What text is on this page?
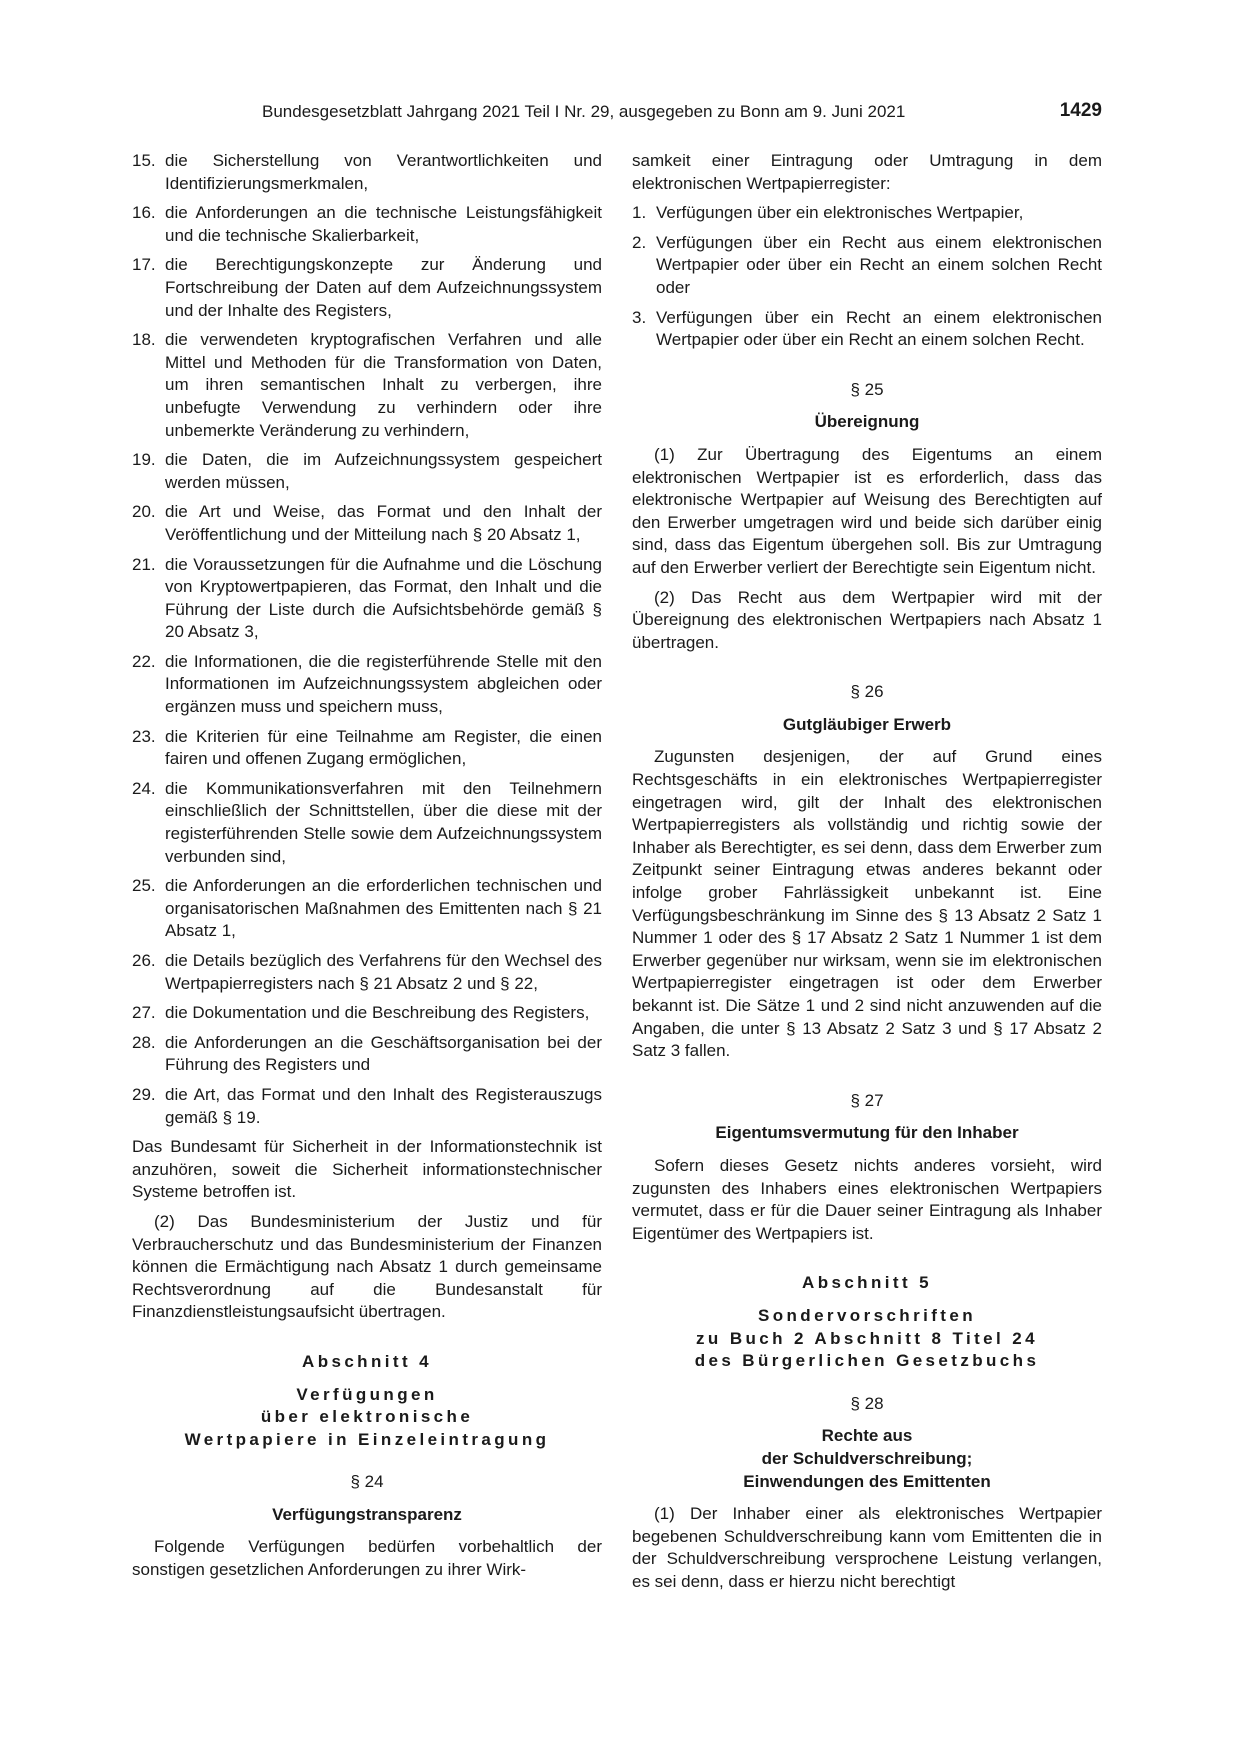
Bundesgesetzblatt Jahrgang 2021 Teil I Nr. 29, ausgegeben zu Bonn am 9. Juni 2021	1429
15. die Sicherstellung von Verantwortlichkeiten und Identifizierungsmerkmalen,
16. die Anforderungen an die technische Leistungsfähigkeit und die technische Skalierbarkeit,
17. die Berechtigungskonzepte zur Änderung und Fortschreibung der Daten auf dem Aufzeichnungssystem und der Inhalte des Registers,
18. die verwendeten kryptografischen Verfahren und alle Mittel und Methoden für die Transformation von Daten, um ihren semantischen Inhalt zu verbergen, ihre unbefugte Verwendung zu verhindern oder ihre unbemerkte Veränderung zu verhindern,
19. die Daten, die im Aufzeichnungssystem gespeichert werden müssen,
20. die Art und Weise, das Format und den Inhalt der Veröffentlichung und der Mitteilung nach § 20 Absatz 1,
21. die Voraussetzungen für die Aufnahme und die Löschung von Kryptowertpapieren, das Format, den Inhalt und die Führung der Liste durch die Aufsichtsbehörde gemäß § 20 Absatz 3,
22. die Informationen, die die registerführende Stelle mit den Informationen im Aufzeichnungssystem abgleichen oder ergänzen muss und speichern muss,
23. die Kriterien für eine Teilnahme am Register, die einen fairen und offenen Zugang ermöglichen,
24. die Kommunikationsverfahren mit den Teilnehmern einschließlich der Schnittstellen, über die diese mit der registerführenden Stelle sowie dem Aufzeichnungssystem verbunden sind,
25. die Anforderungen an die erforderlichen technischen und organisatorischen Maßnahmen des Emittenten nach § 21 Absatz 1,
26. die Details bezüglich des Verfahrens für den Wechsel des Wertpapierregisters nach § 21 Absatz 2 und § 22,
27. die Dokumentation und die Beschreibung des Registers,
28. die Anforderungen an die Geschäftsorganisation bei der Führung des Registers und
29. die Art, das Format und den Inhalt des Registerauszugs gemäß § 19.

Das Bundesamt für Sicherheit in der Informationstechnik ist anzuhören, soweit die Sicherheit informationstechnischer Systeme betroffen ist.

(2) Das Bundesministerium der Justiz und für Verbraucherschutz und das Bundesministerium der Finanzen können die Ermächtigung nach Absatz 1 durch gemeinsame Rechtsverordnung auf die Bundesanstalt für Finanzdienstleistungsaufsicht übertragen.

Abschnitt 4
Verfügungen
über elektronische
Wertpapiere in Einzeleintragung
§ 24
Verfügungstransparenz

Folgende Verfügungen bedürfen vorbehaltlich der sonstigen gesetzlichen Anforderungen zu ihrer Wirk-

samkeit einer Eintragung oder Umtragung in dem elektronischen Wertpapierregister:

1. Verfügungen über ein elektronisches Wertpapier,
2. Verfügungen über ein Recht aus einem elektronischen Wertpapier oder über ein Recht an einem solchen Recht oder
3. Verfügungen über ein Recht an einem elektronischen Wertpapier oder über ein Recht an einem solchen Recht.
§ 25
Übereignung

(1) Zur Übertragung des Eigentums an einem elektronischen Wertpapier ist es erforderlich, dass das elektronische Wertpapier auf Weisung des Berechtigten auf den Erwerber umgetragen wird und beide sich darüber einig sind, dass das Eigentum übergehen soll. Bis zur Umtragung auf den Erwerber verliert der Berechtigte sein Eigentum nicht.

(2) Das Recht aus dem Wertpapier wird mit der Übereignung des elektronischen Wertpapiers nach Absatz 1 übertragen.

§ 26
Gutgläubiger Erwerb

Zugunsten desjenigen, der auf Grund eines Rechtsgeschäfts in ein elektronisches Wertpapierregister eingetragen wird, gilt der Inhalt des elektronischen Wertpapierregisters als vollständig und richtig sowie der Inhaber als Berechtigter, es sei denn, dass dem Erwerber zum Zeitpunkt seiner Eintragung etwas anderes bekannt oder infolge grober Fahrlässigkeit unbekannt ist. Eine Verfügungsbeschränkung im Sinne des § 13 Absatz 2 Satz 1 Nummer 1 oder des § 17 Absatz 2 Satz 1 Nummer 1 ist dem Erwerber gegenüber nur wirksam, wenn sie im elektronischen Wertpapierregister eingetragen ist oder dem Erwerber bekannt ist. Die Sätze 1 und 2 sind nicht anzuwenden auf die Angaben, die unter § 13 Absatz 2 Satz 3 und § 17 Absatz 2 Satz 3 fallen.

§ 27
Eigentumsvermutung für den Inhaber

Sofern dieses Gesetz nichts anderes vorsieht, wird zugunsten des Inhabers eines elektronischen Wertpapiers vermutet, dass er für die Dauer seiner Eintragung als Inhaber Eigentümer des Wertpapiers ist.

Abschnitt 5
Sondervorschriften
zu Buch 2 Abschnitt 8 Titel 24
des Bürgerlichen Gesetzbuchs
§ 28
Rechte aus
der Schuldverschreibung;
Einwendungen des Emittenten

(1) Der Inhaber einer als elektronisches Wertpapier begebenen Schuldverschreibung kann vom Emittenten die in der Schuldverschreibung versprochene Leistung verlangen, es sei denn, dass er hierzu nicht berechtigt
